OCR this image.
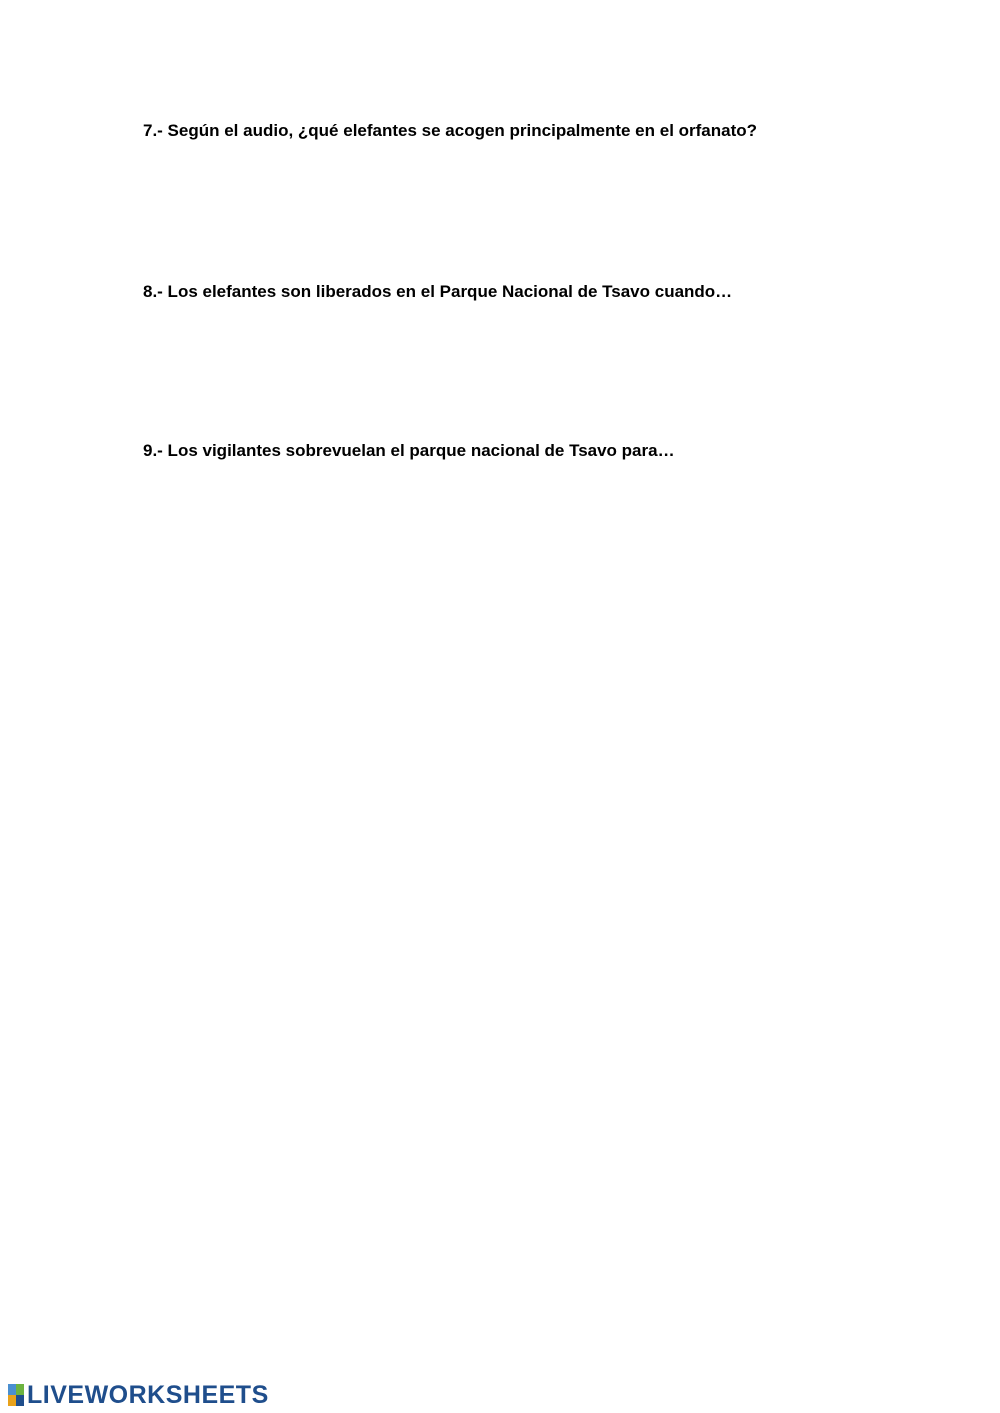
7.- Según el audio, ¿qué elefantes se acogen principalmente en el orfanato?
8.- Los elefantes son liberados en el Parque Nacional de Tsavo cuando…
9.- Los vigilantes sobrevuelan el parque nacional de Tsavo para…
LIVEWORKSHEETS
